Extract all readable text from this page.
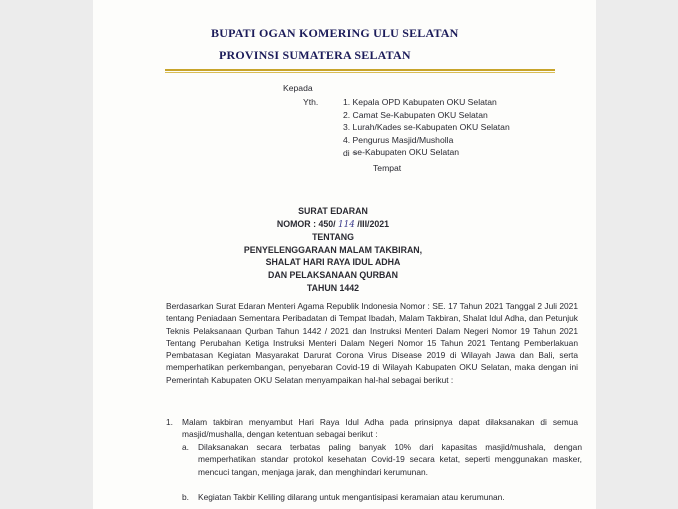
BUPATI OGAN KOMERING ULU SELATAN
PROVINSI SUMATERA SELATAN
Kepada
Yth.	1. Kepala OPD Kabupaten OKU Selatan
2. Camat Se-Kabupaten OKU Selatan
3. Lurah/Kades se-Kabupaten OKU Selatan
4. Pengurus Masjid/Musholla
se-Kabupaten OKU Selatan
di ~
Tempat
SURAT EDARAN
NOMOR : 450/ 114 /III/2021
TENTANG
PENYELENGGARAAN MALAM TAKBIRAN,
SHALAT HARI RAYA IDUL ADHA
DAN PELAKSANAAN QURBAN
TAHUN 1442

Berdasarkan Surat Edaran Menteri Agama Republik Indonesia Nomor : SE. 17 Tahun 2021 Tanggal 2 Juli 2021 tentang Peniadaan Sementara Peribadatan di Tempat Ibadah, Malam Takbiran, Shalat Idul Adha, dan Petunjuk Teknis Pelaksanaan Qurban Tahun 1442 / 2021 dan Instruksi Menteri Dalam Negeri Nomor 19 Tahun 2021 Tentang Perubahan Ketiga Instruksi Menteri Dalam Negeri Nomor 15 Tahun 2021 Tentang Pemberlakuan Pembatasan Kegiatan Masyarakat Darurat Corona Virus Disease 2019 di Wilayah Jawa dan Bali, serta memperhatikan perkembangan, penyebaran Covid-19 di Wilayah Kabupaten OKU Selatan, maka dengan ini Pemerintah Kabupaten OKU Selatan menyampaikan hal-hal sebagai berikut :

1. Malam takbiran menyambut Hari Raya Idul Adha pada prinsipnya dapat dilaksanakan di semua masjid/mushalla, dengan ketentuan sebagai berikut :
a. Dilaksanakan secara terbatas paling banyak 10% dari kapasitas masjid/mushala, dengan memperhatikan standar protokol kesehatan Covid-19 secara ketat, seperti menggunakan masker, mencuci tangan, menjaga jarak, dan menghindari kerumunan.
b. Kegiatan Takbir Keliling dilarang untuk mengantisipasi keramaian atau kerumunan.
